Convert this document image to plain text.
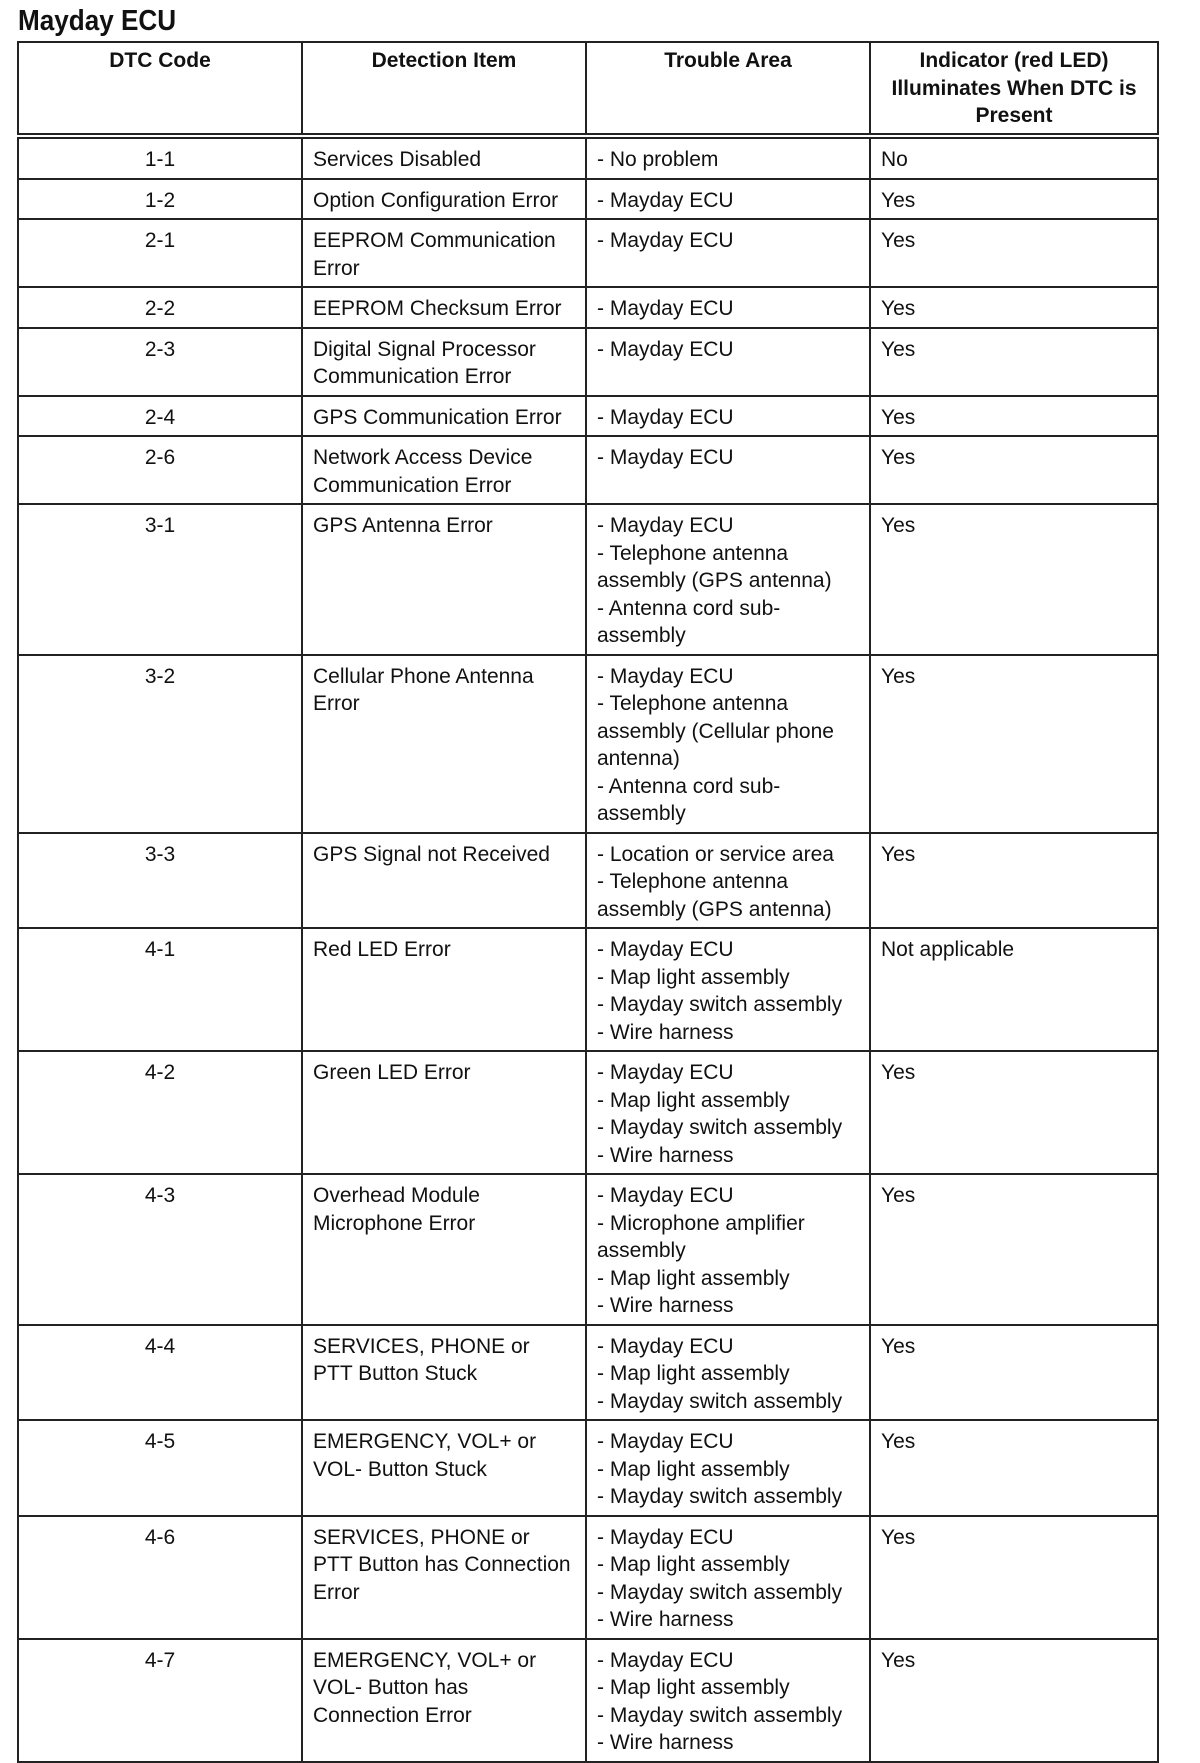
Mayday ECU
DTC Code	Detection Item	Trouble Area	Indicator (red LED) Illuminates When DTC is Present
1-1	Services Disabled	- No problem	No
1-2	Option Configuration Error	- Mayday ECU	Yes
2-1	EEPROM Communication Error	- Mayday ECU	Yes
2-2	EEPROM Checksum Error	- Mayday ECU	Yes
2-3	Digital Signal Processor Communication Error	- Mayday ECU	Yes
2-4	GPS Communication Error	- Mayday ECU	Yes
2-6	Network Access Device Communication Error	- Mayday ECU	Yes
3-1	GPS Antenna Error	- Mayday ECU
- Telephone antenna assembly (GPS antenna)
- Antenna cord sub-assembly	Yes
3-2	Cellular Phone Antenna Error	- Mayday ECU
- Telephone antenna assembly (Cellular phone antenna)
- Antenna cord sub-assembly	Yes
3-3	GPS Signal not Received	- Location or service area
- Telephone antenna assembly (GPS antenna)	Yes
4-1	Red LED Error	- Mayday ECU
- Map light assembly
- Mayday switch assembly
- Wire harness	Not applicable
4-2	Green LED Error	- Mayday ECU
- Map light assembly
- Mayday switch assembly
- Wire harness	Yes
4-3	Overhead Module Microphone Error	- Mayday ECU
- Microphone amplifier assembly
- Map light assembly
- Wire harness	Yes
4-4	SERVICES, PHONE or PTT Button Stuck	- Mayday ECU
- Map light assembly
- Mayday switch assembly	Yes
4-5	EMERGENCY, VOL+ or VOL- Button Stuck	- Mayday ECU
- Map light assembly
- Mayday switch assembly	Yes
4-6	SERVICES, PHONE or PTT Button has Connection Error	- Mayday ECU
- Map light assembly
- Mayday switch assembly
- Wire harness	Yes
4-7	EMERGENCY, VOL+ or VOL- Button has Connection Error	- Mayday ECU
- Map light assembly
- Mayday switch assembly
- Wire harness	Yes
